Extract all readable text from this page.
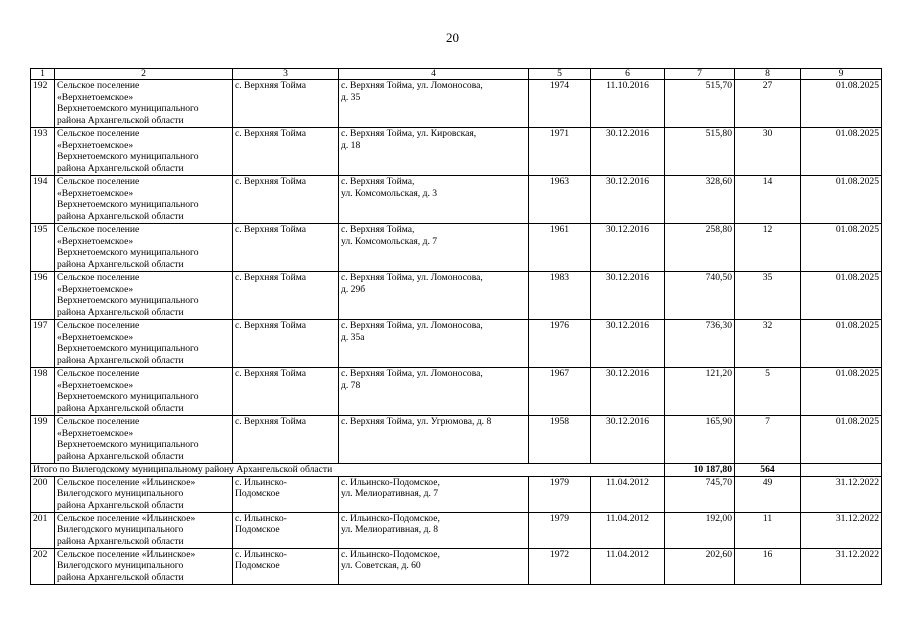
20
1	2	3	4	5	6	7	8	9
192	Сельское поселение
«Верхнетоемское»
Верхнетоемского муниципального
района Архангельской области	с. Верхняя Тойма	с. Верхняя Тойма, ул. Ломоносова,
д. 35	1974	11.10.2016	515,70	27	01.08.2025
193	Сельское поселение
«Верхнетоемское»
Верхнетоемского муниципального
района Архангельской области	с. Верхняя Тойма	с. Верхняя Тойма, ул. Кировская,
д. 18	1971	30.12.2016	515,80	30	01.08.2025
194	Сельское поселение
«Верхнетоемское»
Верхнетоемского муниципального
района Архангельской области	с. Верхняя Тойма	с. Верхняя Тойма,
ул. Комсомольская, д. 3	1963	30.12.2016	328,60	14	01.08.2025
195	Сельское поселение
«Верхнетоемское»
Верхнетоемского муниципального
района Архангельской области	с. Верхняя Тойма	с. Верхняя Тойма,
ул. Комсомольская, д. 7	1961	30.12.2016	258,80	12	01.08.2025
196	Сельское поселение
«Верхнетоемское»
Верхнетоемского муниципального
района Архангельской области	с. Верхняя Тойма	с. Верхняя Тойма, ул. Ломоносова,
д. 29б	1983	30.12.2016	740,50	35	01.08.2025
197	Сельское поселение
«Верхнетоемское»
Верхнетоемского муниципального
района Архангельской области	с. Верхняя Тойма	с. Верхняя Тойма, ул. Ломоносова,
д. 35а	1976	30.12.2016	736,30	32	01.08.2025
198	Сельское поселение
«Верхнетоемское»
Верхнетоемского муниципального
района Архангельской области	с. Верхняя Тойма	с. Верхняя Тойма, ул. Ломоносова,
д. 78	1967	30.12.2016	121,20	5	01.08.2025
199	Сельское поселение
«Верхнетоемское»
Верхнетоемского муниципального
района Архангельской области	с. Верхняя Тойма	с. Верхняя Тойма, ул. Угрюмова, д. 8	1958	30.12.2016	165,90	7	01.08.2025
Итого по Вилегодскому муниципальному району Архангельской области						10 187,80	564	
200	Сельское поселение «Ильинское»
Вилегодского муниципального
района Архангельской области	с. Ильинско-
Подомское	с. Ильинско-Подомское,
ул. Мелиоративная, д. 7	1979	11.04.2012	745,70	49	31.12.2022
201	Сельское поселение «Ильинское»
Вилегодского муниципального
района Архангельской области	с. Ильинско-
Подомское	с. Ильинско-Подомское,
ул. Мелиоративная, д. 8	1979	11.04.2012	192,00	11	31.12.2022
202	Сельское поселение «Ильинское»
Вилегодского муниципального
района Архангельской области	с. Ильинско-
Подомское	с. Ильинско-Подомское,
ул. Советская, д. 60	1972	11.04.2012	202,60	16	31.12.2022
